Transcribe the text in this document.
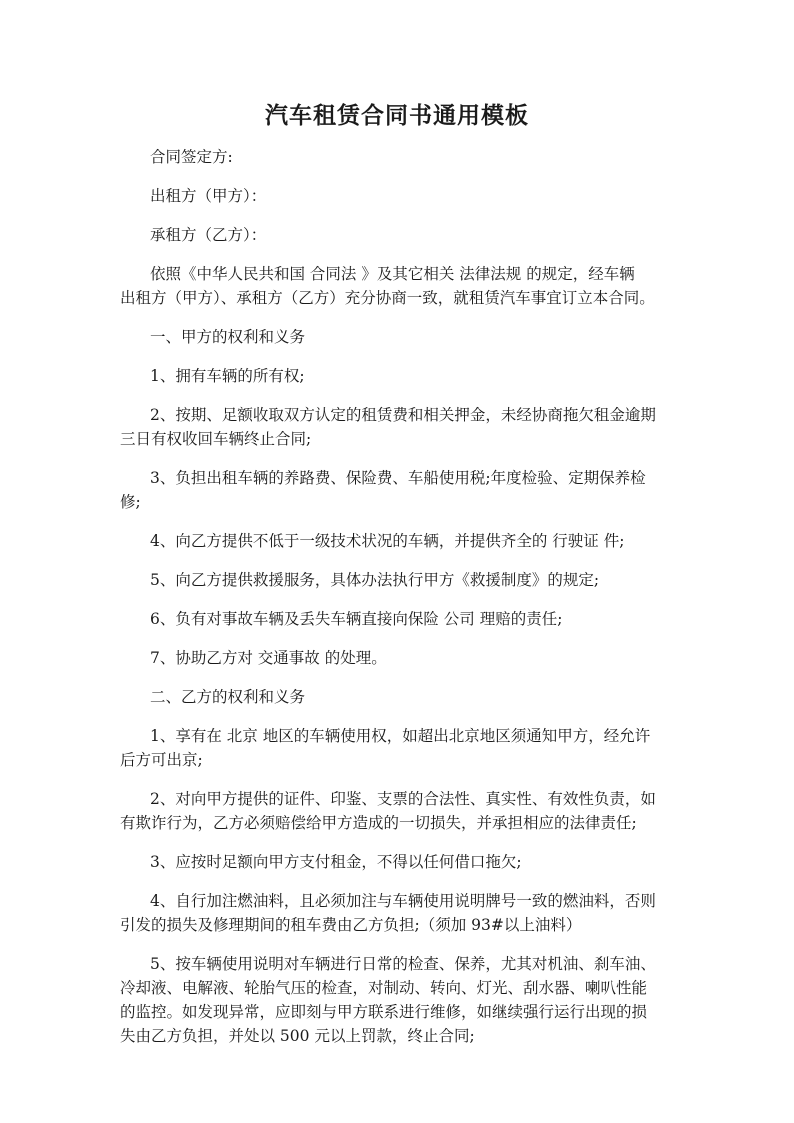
汽车租赁合同书通用模板

合同签定方:

出租方（甲方）：

承租方（乙方）：

依照《中华人民共和国 合同法 》及其它相关 法律法规 的规定，经车辆
出租方（甲方）、承租方（乙方）充分协商一致，就租赁汽车事宜订立本合同。

一、甲方的权利和义务

1、拥有车辆的所有权;

2、按期、足额收取双方认定的租赁费和相关押金，未经协商拖欠租金逾期
三日有权收回车辆终止合同;

3、负担出租车辆的养路费、保险费、车船使用税;年度检验、定期保养检
修;

4、向乙方提供不低于一级技术状况的车辆，并提供齐全的 行驶证 件;

5、向乙方提供救援服务，具体办法执行甲方《救援制度》的规定;

6、负有对事故车辆及丢失车辆直接向保险 公司 理赔的责任;

7、协助乙方对 交通事故 的处理。

二、乙方的权利和义务

1、享有在 北京 地区的车辆使用权，如超出北京地区须通知甲方，经允许
后方可出京;

2、对向甲方提供的证件、印鉴、支票的合法性、真实性、有效性负责，如
有欺诈行为，乙方必须赔偿给甲方造成的一切损失，并承担相应的法律责任;

3、应按时足额向甲方支付租金，不得以任何借口拖欠;

4、自行加注燃油料，且必须加注与车辆使用说明牌号一致的燃油料，否则
引发的损失及修理期间的租车费由乙方负担;（须加 93#以上油料）

5、按车辆使用说明对车辆进行日常的检查、保养，尤其对机油、刹车油、
冷却液、电解液、轮胎气压的检查，对制动、转向、灯光、刮水器、喇叭性能
的监控。如发现异常，应即刻与甲方联系进行维修，如继续强行运行出现的损
失由乙方负担，并处以 500 元以上罚款，终止合同;
